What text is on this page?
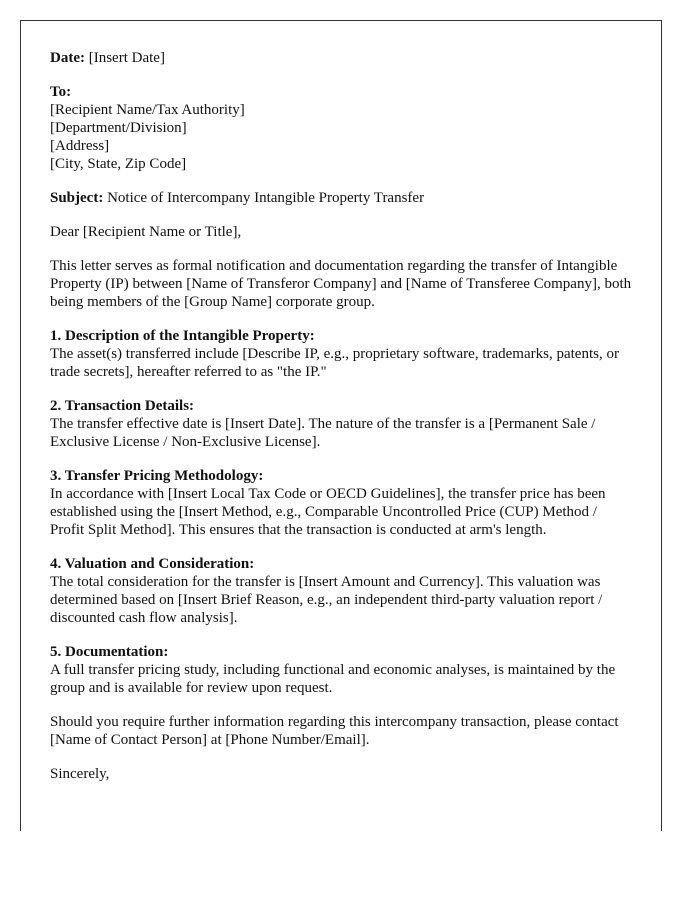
Date: [Insert Date]

To:
[Recipient Name/Tax Authority]
[Department/Division]
[Address]
[City, State, Zip Code]

Subject: Notice of Intercompany Intangible Property Transfer

Dear [Recipient Name or Title],

This letter serves as formal notification and documentation regarding the transfer of Intangible Property (IP) between [Name of Transferor Company] and [Name of Transferee Company], both being members of the [Group Name] corporate group.

1. Description of the Intangible Property:
The asset(s) transferred include [Describe IP, e.g., proprietary software, trademarks, patents, or trade secrets], hereafter referred to as "the IP."

2. Transaction Details:
The transfer effective date is [Insert Date]. The nature of the transfer is a [Permanent Sale / Exclusive License / Non-Exclusive License].

3. Transfer Pricing Methodology:
In accordance with [Insert Local Tax Code or OECD Guidelines], the transfer price has been established using the [Insert Method, e.g., Comparable Uncontrolled Price (CUP) Method / Profit Split Method]. This ensures that the transaction is conducted at arm's length.

4. Valuation and Consideration:
The total consideration for the transfer is [Insert Amount and Currency]. This valuation was determined based on [Insert Brief Reason, e.g., an independent third-party valuation report / discounted cash flow analysis].

5. Documentation:
A full transfer pricing study, including functional and economic analyses, is maintained by the group and is available for review upon request.

Should you require further information regarding this intercompany transaction, please contact [Name of Contact Person] at [Phone Number/Email].

Sincerely,
